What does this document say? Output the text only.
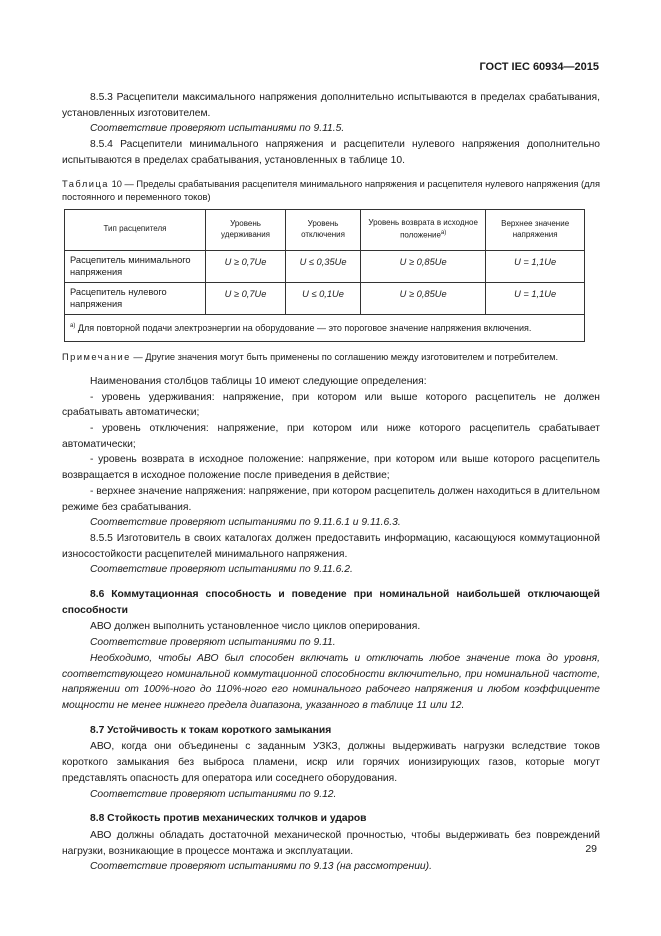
ГОСТ IEC 60934—2015

8.5.3 Расцепители максимального напряжения дополнительно испытываются в пределах срабатывания, установленных изготовителем.

Соответствие проверяют испытаниями по 9.11.5.

8.5.4 Расцепители минимального напряжения и расцепители нулевого напряжения дополнительно испытываются в пределах срабатывания, установленных в таблице 10.

Таблица 10 — Пределы срабатывания расцепителя минимального напряжения и расцепителя нулевого напряжения (для постоянного и переменного токов)

Тип расцепителя	Уровень удерживания	Уровень отключения	Уровень возврата в исходное положение$^{а)}$	Верхнее значение напряжения
Расцепитель минимального напряжения	U ≥ 0,7Ue	U ≤ 0,35Ue	U ≥ 0,85Ue	U = 1,1Ue
Расцепитель нулевого напряжения	U ≥ 0,7Ue	U ≤ 0,1Ue	U ≥ 0,85Ue	U = 1,1Ue
$^{а)}$ Для повторной подачи электроэнергии на оборудование — это пороговое значение напряжения включения.				

Примечание — Другие значения могут быть применены по соглашению между изготовителем и потребителем.

Наименования столбцов таблицы 10 имеют следующие определения:

- уровень удерживания: напряжение, при котором или выше которого расцепитель не должен срабатывать автоматически;

- уровень отключения: напряжение, при котором или ниже которого расцепитель срабатывает автоматически;

- уровень возврата в исходное положение: напряжение, при котором или выше которого расцепитель возвращается в исходное положение после приведения в действие;

- верхнее значение напряжения: напряжение, при котором расцепитель должен находиться в длительном режиме без срабатывания.

Соответствие проверяют испытаниями по 9.11.6.1 и 9.11.6.3.

8.5.5 Изготовитель в своих каталогах должен предоставить информацию, касающуюся коммутационной износостойкости расцепителей минимального напряжения.

Соответствие проверяют испытаниями по 9.11.6.2.

8.6 Коммутационная способность и поведение при номинальной наибольшей отключающей способности

АВО должен выполнить установленное число циклов оперирования.

Соответствие проверяют испытаниями по 9.11.

Необходимо, чтобы АВО был способен включать и отключать любое значение тока до уровня, соответствующего номинальной коммутационной способности включительно, при номинальной частоте, напряжении от 100%-ного до 110%-ного его номинального рабочего напряжения и любом коэффициенте мощности не менее нижнего предела диапазона, указанного в таблице 11 или 12.

8.7 Устойчивость к токам короткого замыкания

АВО, когда они объединены с заданным УЗКЗ, должны выдерживать нагрузки вследствие токов короткого замыкания без выброса пламени, искр или горячих ионизирующих газов, которые могут представлять опасность для оператора или соседнего оборудования.

Соответствие проверяют испытаниями по 9.12.

8.8 Стойкость против механических толчков и ударов

АВО должны обладать достаточной механической прочностью, чтобы выдерживать без повреждений нагрузки, возникающие в процессе монтажа и эксплуатации.

Соответствие проверяют испытаниями по 9.13 (на рассмотрении).

29
